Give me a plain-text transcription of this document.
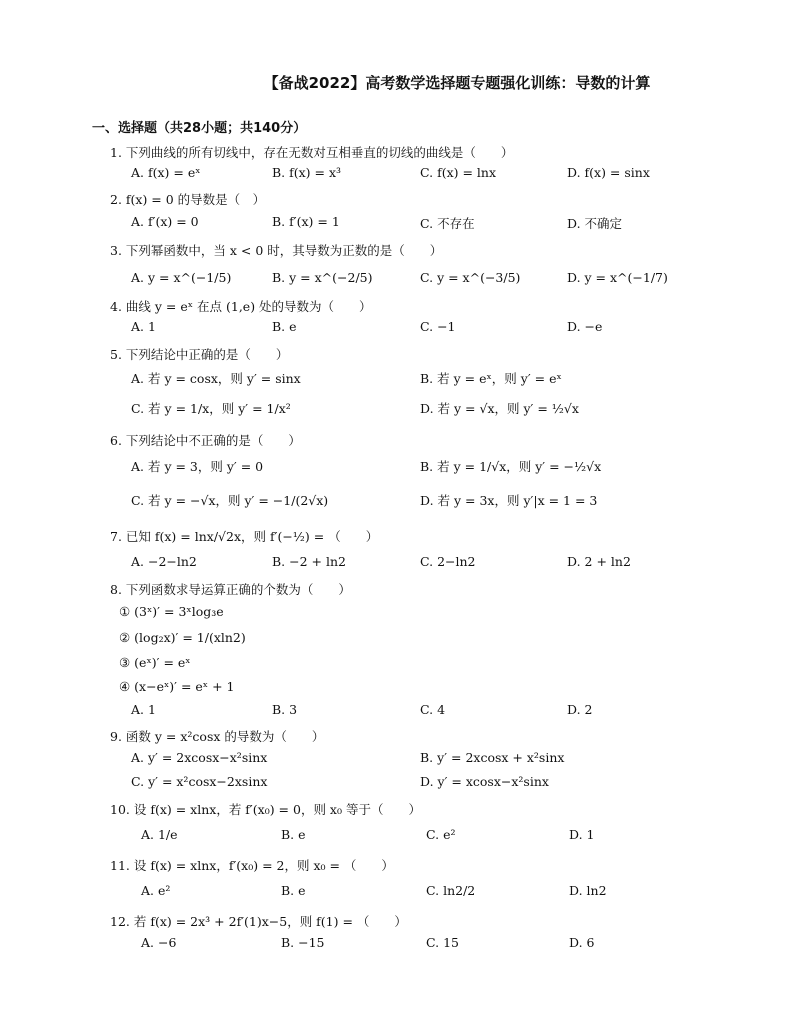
【备战2022】高考数学选择题专题强化训练：导数的计算
一、选择题（共28小题；共140分）
1. 下列曲线的所有切线中，存在无数对互相垂直的切线的曲线是（　　）
A. f(x) = eˣ	B. f(x) = x³	C. f(x) = lnx	D. f(x) = sinx
2. f(x) = 0 的导数是（　）
A. f′(x) = 0	B. f′(x) = 1	C. 不存在	D. 不确定
3. 下列幂函数中，当 x < 0 时，其导数为正数的是（　　）
A. y = x^(−1/5)	B. y = x^(−2/5)	C. y = x^(−3/5)	D. y = x^(−1/7)
4. 曲线 y = eˣ 在点 (1,e) 处的导数为（　　）
A. 1	B. e	C. −1	D. −e
5. 下列结论中正确的是（　　）
A. 若 y = cosx，则 y′ = sinx	B. 若 y = eˣ，则 y′ = eˣ
C. 若 y = 1/x，则 y′ = 1/x²	D. 若 y = √x，则 y′ = ½√x
6. 下列结论中不正确的是（　　）
A. 若 y = 3，则 y′ = 0	B. 若 y = 1/√x，则 y′ = −½√x
C. 若 y = −√x，则 y′ = −1/(2√x)	D. 若 y = 3x，则 y′|x = 1 = 3
7. 已知 f(x) = lnx/√2x，则 f′(−½) = （　　）
A. −2−ln2	B. −2 + ln2	C. 2−ln2	D. 2 + ln2
8. 下列函数求导运算正确的个数为（　　）
① (3ˣ)′ = 3ˣlog₃e
② (log₂x)′ = 1/(xln2)
③ (eˣ)′ = eˣ
④ (x−eˣ)′ = eˣ + 1
A. 1	B. 3	C. 4	D. 2
9. 函数 y = x²cosx 的导数为（　　）
A. y′ = 2xcosx−x²sinx	B. y′ = 2xcosx + x²sinx
C. y′ = x²cosx−2xsinx	D. y′ = xcosx−x²sinx
10. 设 f(x) = xlnx，若 f′(x₀) = 0，则 x₀ 等于（　　）
A. 1/e	B. e	C. e²	D. 1
11. 设 f(x) = xlnx，f′(x₀) = 2，则 x₀ = （　　）
A. e²	B. e	C. ln2/2	D. ln2
12. 若 f(x) = 2x³ + 2f′(1)x−5，则 f(1) = （　　）
A. −6	B. −15	C. 15	D. 6
